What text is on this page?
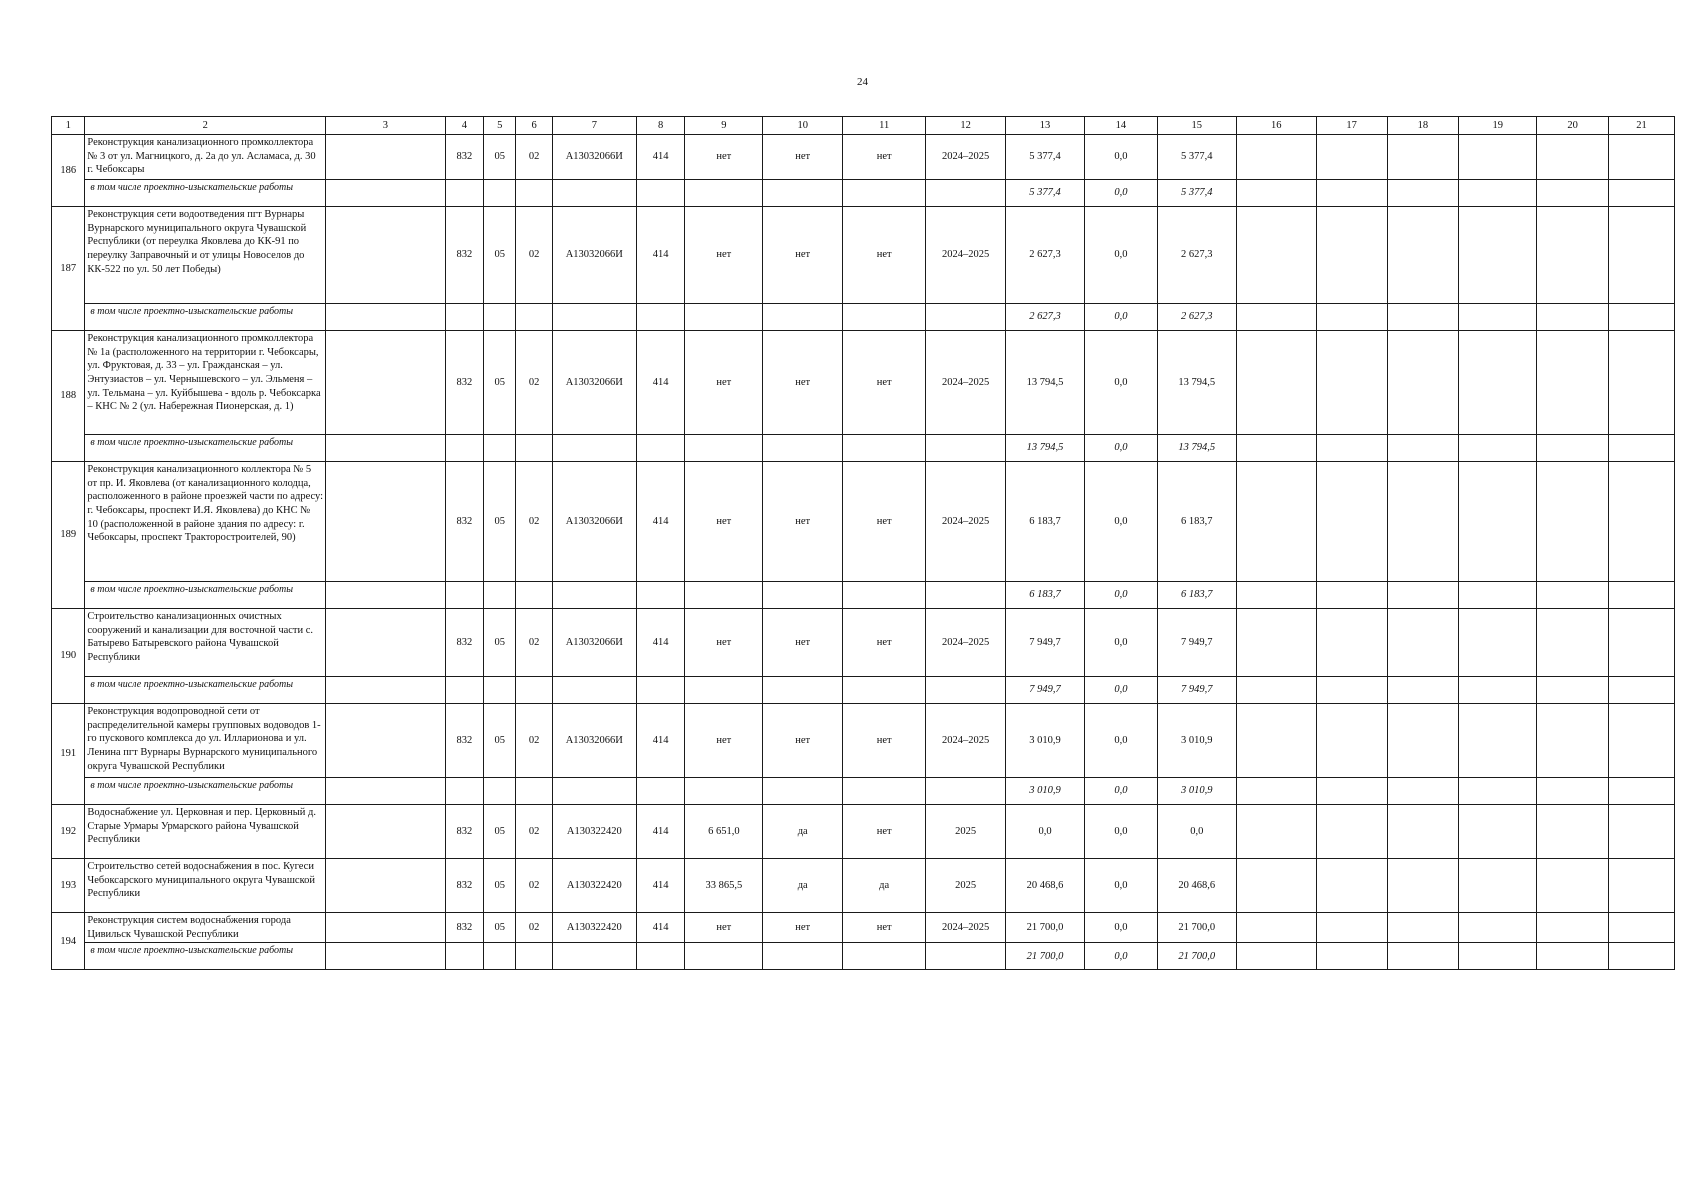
24
1	2	3	4	5	6	7	8	9	10	11	12	13	14	15	16	17	18	19	20	21
186	Реконструкция канализационного промколлектора № 3 от ул. Магницкого, д. 2а до ул. Асламаса, д. 30 г. Чебоксары		832	05	02	А13032066И	414	нет	нет	нет	2024–2025	5 377,4	0,0	5 377,4						
	в том числе проектно-изыскательские работы											5 377,4	0,0	5 377,4						
187	Реконструкция сети водоотведения пгт Вурнары Вурнарского муниципального округа Чувашской Республики (от переулка Яковлева до КК-91 по переулку Заправочный и от улицы Новоселов до КК-522 по ул. 50 лет Победы)		832	05	02	А13032066И	414	нет	нет	нет	2024–2025	2 627,3	0,0	2 627,3						
	в том числе проектно-изыскательские работы											2 627,3	0,0	2 627,3						
188	Реконструкция канализационного промколлектора № 1а (расположенного на территории г. Чебоксары, ул. Фруктовая, д. 33 – ул. Гражданская – ул. Энтузиастов – ул. Чернышевского – ул. Эльменя – ул. Тельмана – ул. Куйбышева - вдоль р. Чебоксарка – КНС № 2 (ул. Набережная Пионерская, д. 1)		832	05	02	А13032066И	414	нет	нет	нет	2024–2025	13 794,5	0,0	13 794,5						
	в том числе проектно-изыскательские работы											13 794,5	0,0	13 794,5						
189	Реконструкция канализационного коллектора № 5 от пр. И. Яковлева (от канализационного колодца, расположенного в районе проезжей части по адресу: г. Чебоксары, проспект И.Я. Яковлева) до КНС № 10 (расположенной в районе здания по адресу: г. Чебоксары, проспект Тракторостроителей, 90)		832	05	02	А13032066И	414	нет	нет	нет	2024–2025	6 183,7	0,0	6 183,7						
	в том числе проектно-изыскательские работы											6 183,7	0,0	6 183,7						
190	Строительство канализационных очистных сооружений и канализации для восточной части с. Батырево Батыревского района Чувашской Республики		832	05	02	А13032066И	414	нет	нет	нет	2024–2025	7 949,7	0,0	7 949,7						
	в том числе проектно-изыскательские работы											7 949,7	0,0	7 949,7						
191	Реконструкция водопроводной сети от распределительной камеры групповых водоводов 1-го пускового комплекса до ул. Илларионова и ул. Ленина пгт Вурнары Вурнарского муниципального округа Чувашской Республики		832	05	02	А13032066И	414	нет	нет	нет	2024–2025	3 010,9	0,0	3 010,9						
	в том числе проектно-изыскательские работы											3 010,9	0,0	3 010,9						
192	Водоснабжение ул. Церковная и пер. Церковный д. Старые Урмары Урмарского района Чувашской Республики		832	05	02	А130322420	414	6 651,0	да	нет	2025	0,0	0,0	0,0						
193	Строительство сетей водоснабжения в пос. Кугеси Чебоксарского муниципального округа Чувашской Республики		832	05	02	А130322420	414	33 865,5	да	да	2025	20 468,6	0,0	20 468,6						
194	Реконструкция систем водоснабжения города Цивильск Чувашской Республики		832	05	02	А130322420	414	нет	нет	нет	2024–2025	21 700,0	0,0	21 700,0						
	в том числе проектно-изыскательские работы											21 700,0	0,0	21 700,0						
